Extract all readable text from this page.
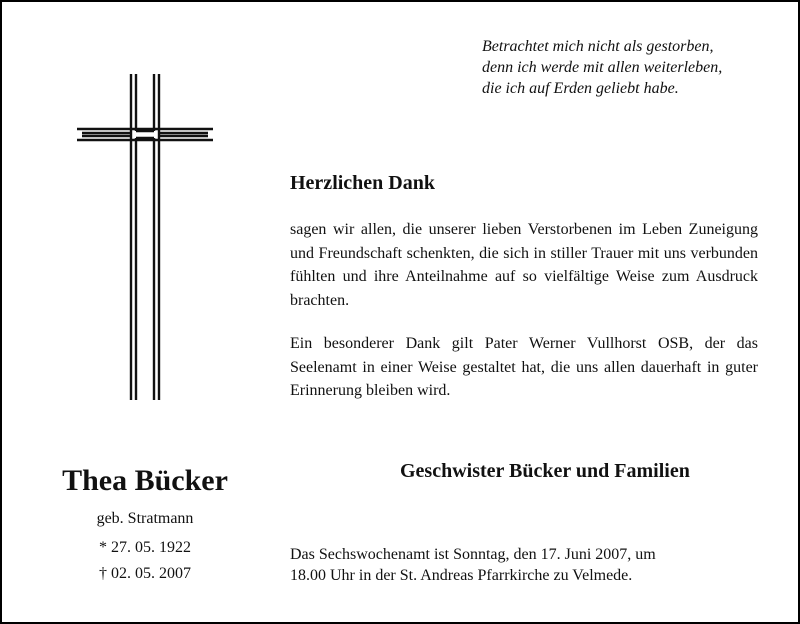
Betrachtet mich nicht als gestorben,
denn ich werde mit allen weiterleben,
die ich auf Erden geliebt habe.
Herzlichen Dank
sagen wir allen, die unserer lieben Verstorbenen im Leben Zuneigung und Freundschaft schenkten, die sich in stiller Trauer mit uns verbunden fühlten und ihre Anteilnahme auf so vielfältige Weise zum Ausdruck brachten.
Ein besonderer Dank gilt Pater Werner Vullhorst OSB, der das Seelenamt in einer Weise gestaltet hat, die uns allen dauerhaft in guter Erinnerung bleiben wird.
Thea Bücker
geb. Stratmann
* 27. 05. 1922
† 02. 05. 2007
Geschwister Bücker und Familien
Das Sechswochenamt ist Sonntag, den 17. Juni 2007, um
18.00 Uhr in der St. Andreas Pfarrkirche zu Velmede.
